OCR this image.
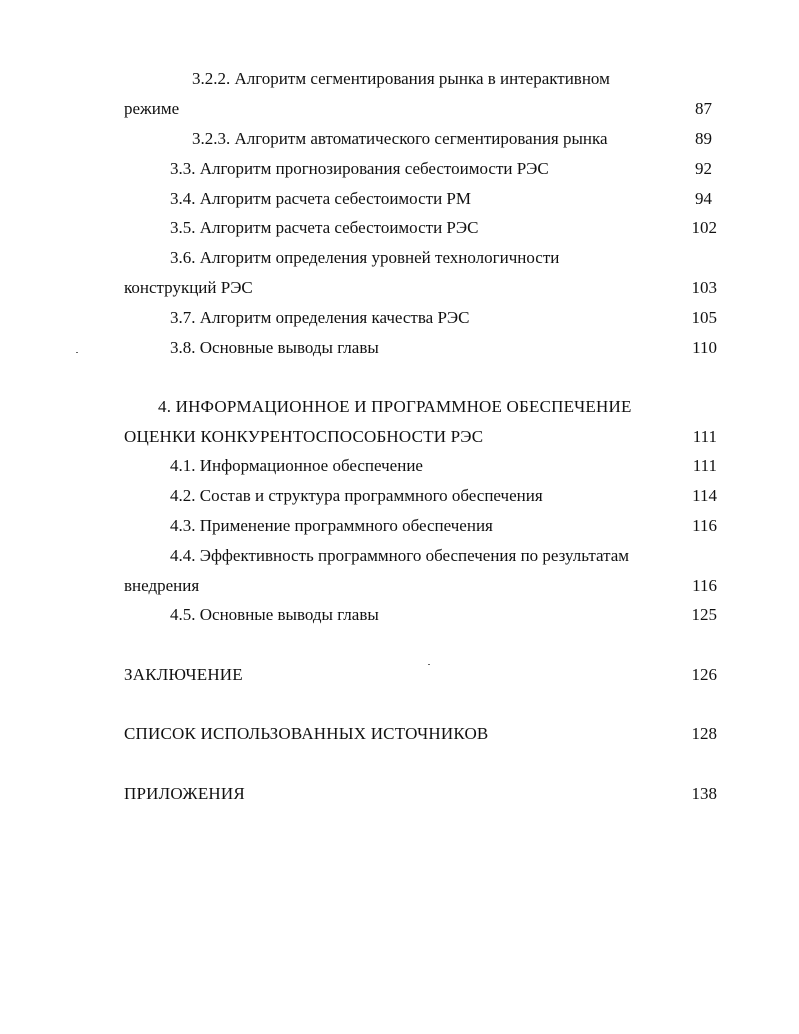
3.2.2. Алгоритм сегментирования рынка в интерактивном
режиме	87
3.2.3. Алгоритм автоматического сегментирования рынка	89
3.3. Алгоритм прогнозирования себестоимости РЭС	92
3.4. Алгоритм расчета себестоимости РМ	94
3.5. Алгоритм расчета себестоимости РЭС	102
3.6. Алгоритм определения уровней технологичности
конструкций РЭС	103
3.7. Алгоритм определения качества РЭС	105
3.8. Основные выводы главы	110
4. ИНФОРМАЦИОННОЕ И ПРОГРАММНОЕ ОБЕСПЕЧЕНИЕ
ОЦЕНКИ КОНКУРЕНТОСПОСОБНОСТИ РЭС	111
4.1. Информационное обеспечение	111
4.2. Состав и структура программного обеспечения	114
4.3. Применение программного обеспечения	116
4.4. Эффективность программного обеспечения по результатам
внедрения	116
4.5. Основные выводы главы	125
ЗАКЛЮЧЕНИЕ	126
СПИСОК ИСПОЛЬЗОВАННЫХ ИСТОЧНИКОВ	128
ПРИЛОЖЕНИЯ	138
